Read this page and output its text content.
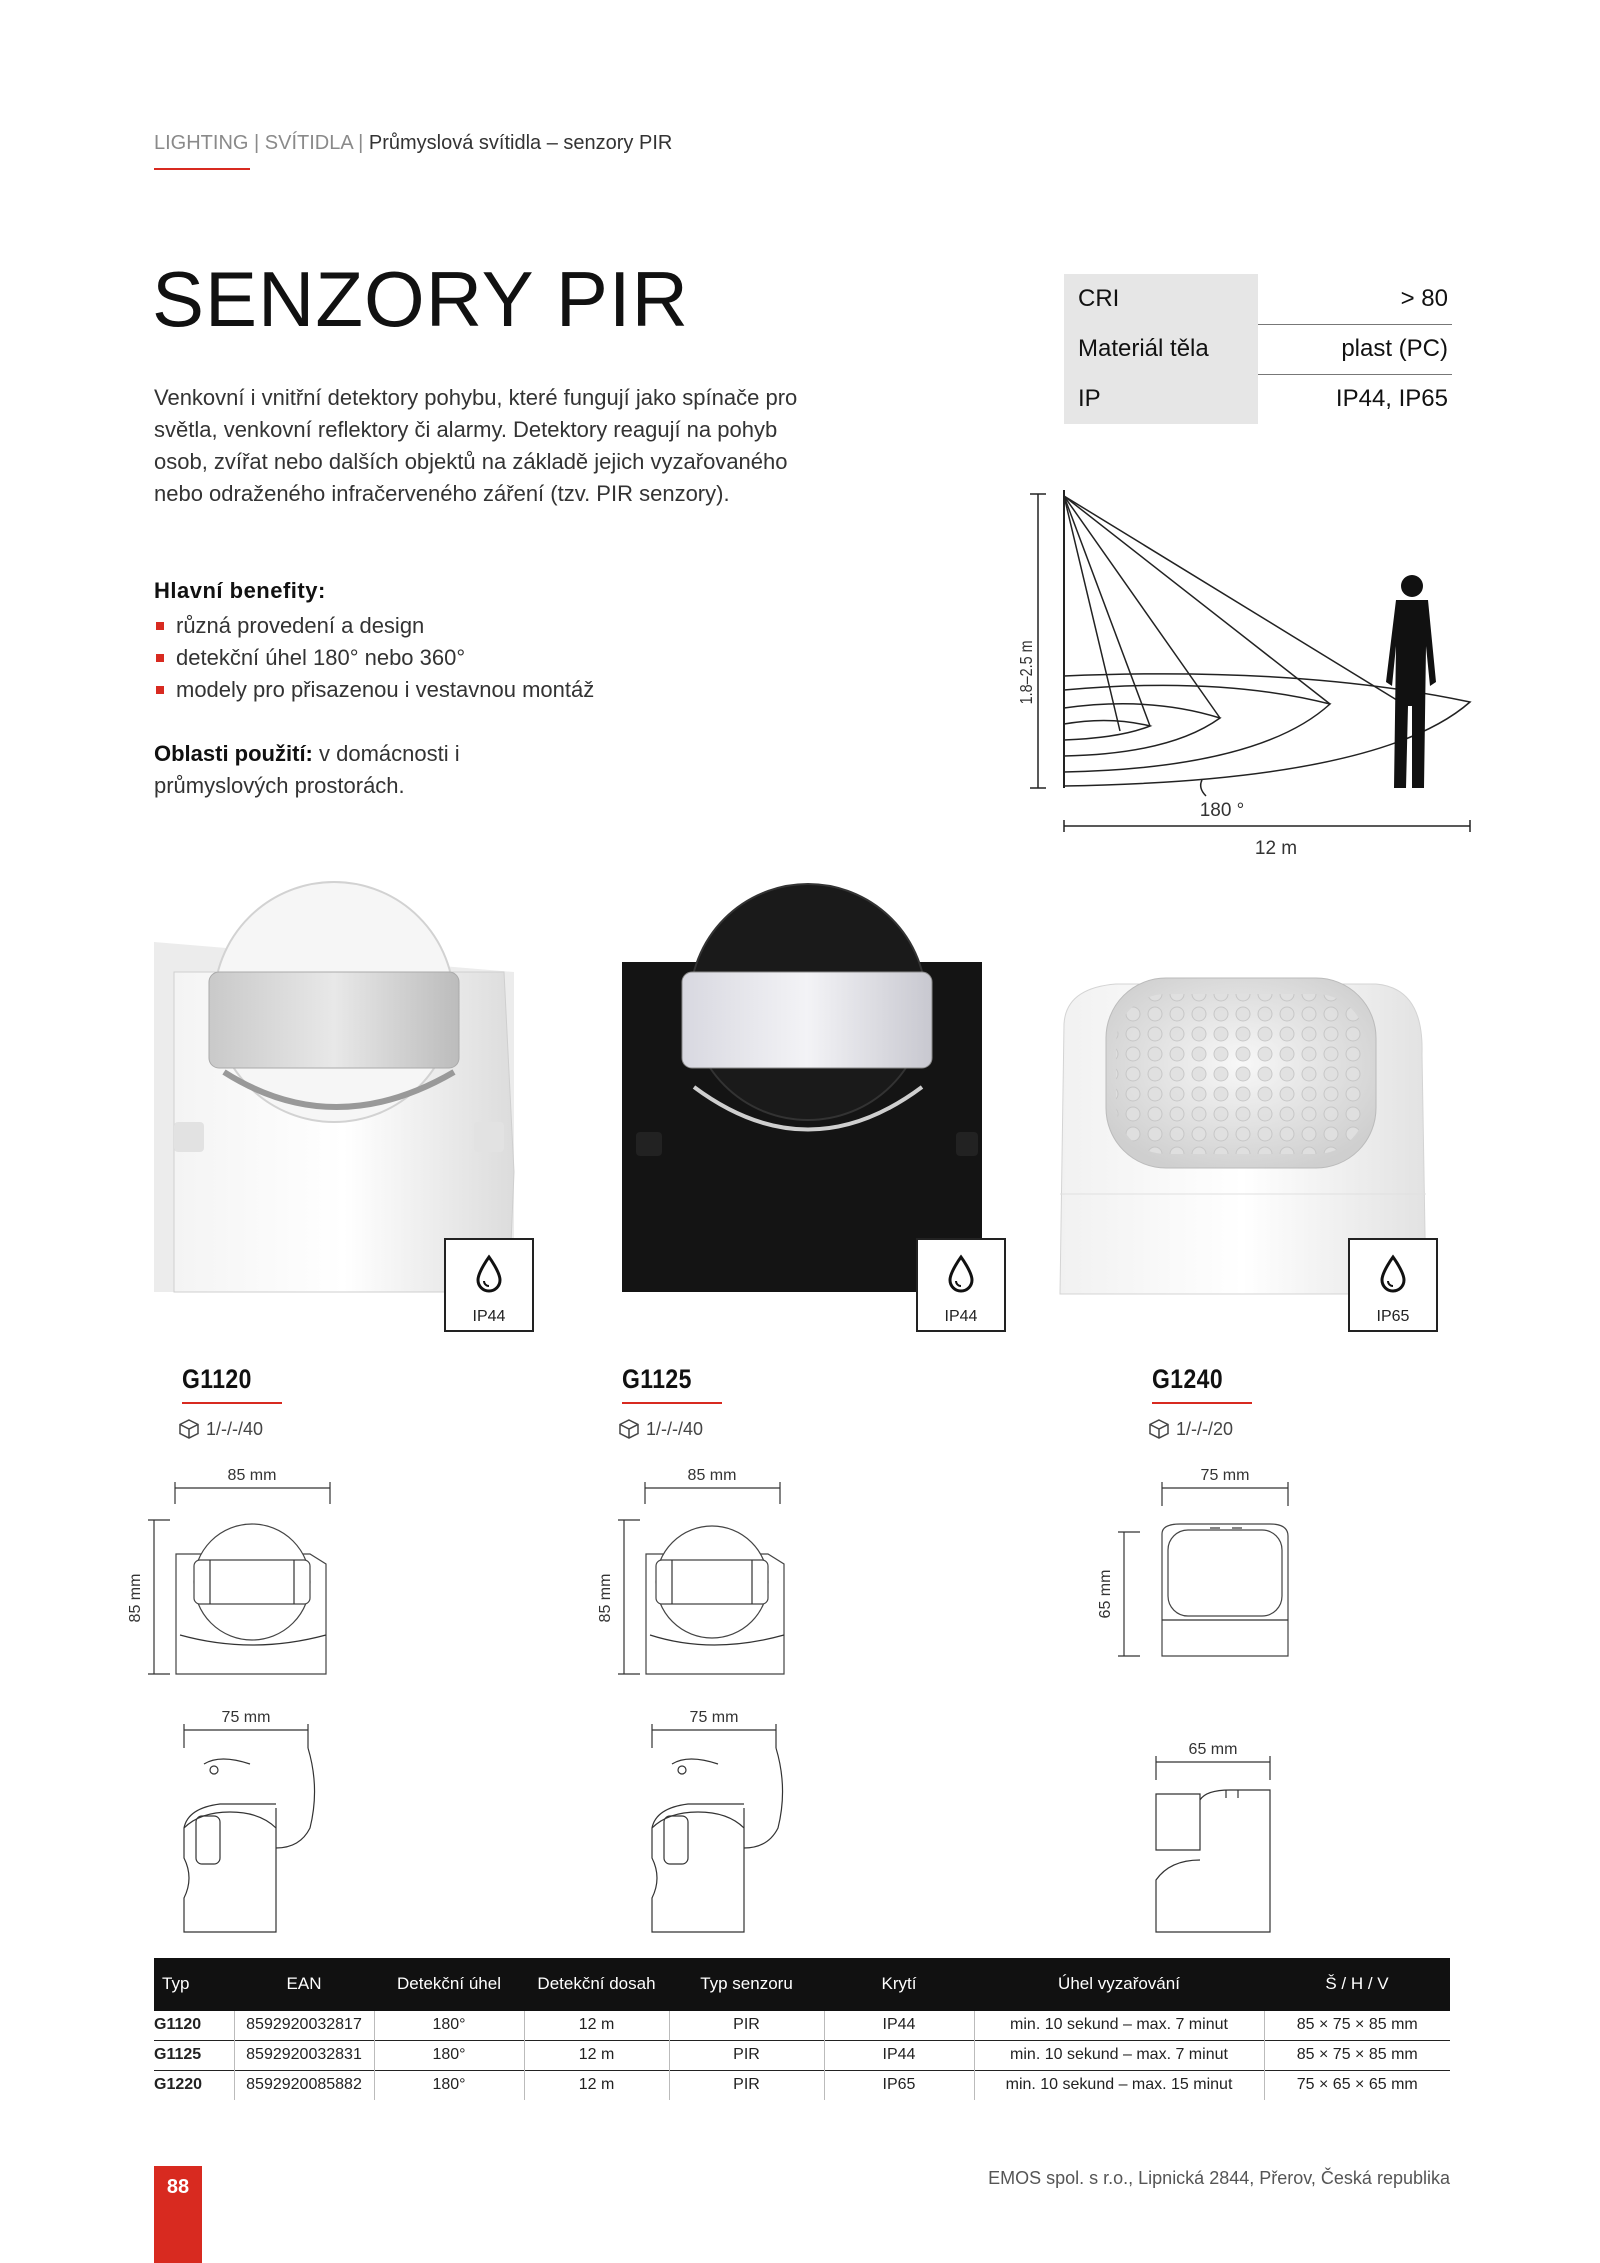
LIGHTING | SVÍTIDLA | Průmyslová svítidla – senzory PIR
SENZORY PIR

Venkovní i vnitřní detektory pohybu, které fungují jako spínače pro světla, venkovní reflektory či alarmy. Detektory reagují na pohyb osob, zvířat nebo dalších objektů na základě jejich vyzařovaného nebo odraženého infračerveného záření (tzv. PIR senzory).

Hlavní benefity:
různá provedení a design
detekční úhel 180° nebo 360°
modely pro přisazenou i vestavnou montáž

Oblasti použití: v domácnosti i průmyslových prostorách.

CRI	> 80
Materiál těla	plast (PC)
IP	IP44, IP65
1.8–2.5 m
180 °
12 m
IP44	IP44	IP65
G1120
1/-/-/40
G1125
1/-/-/40
G1240
1/-/-/20
85 mm
85 mm
85 mm
85 mm
75 mm
65 mm
75 mm	75 mm
65 mm
Typ	EAN	Detekční úhel	Detekční dosah	Typ senzoru	Krytí	Úhel vyzařování	Š / H / V
G1120	8592920032817	180°	12 m	PIR	IP44	min. 10 sekund – max. 7 minut	85 × 75 × 85 mm
G1125	8592920032831	180°	12 m	PIR	IP44	min. 10 sekund – max. 7 minut	85 × 75 × 85 mm
G1220	8592920085882	180°	12 m	PIR	IP65	min. 10 sekund – max. 15 minut	75 × 65 × 65 mm
88	EMOS spol. s r.o., Lipnická 2844, Přerov, Česká republika
